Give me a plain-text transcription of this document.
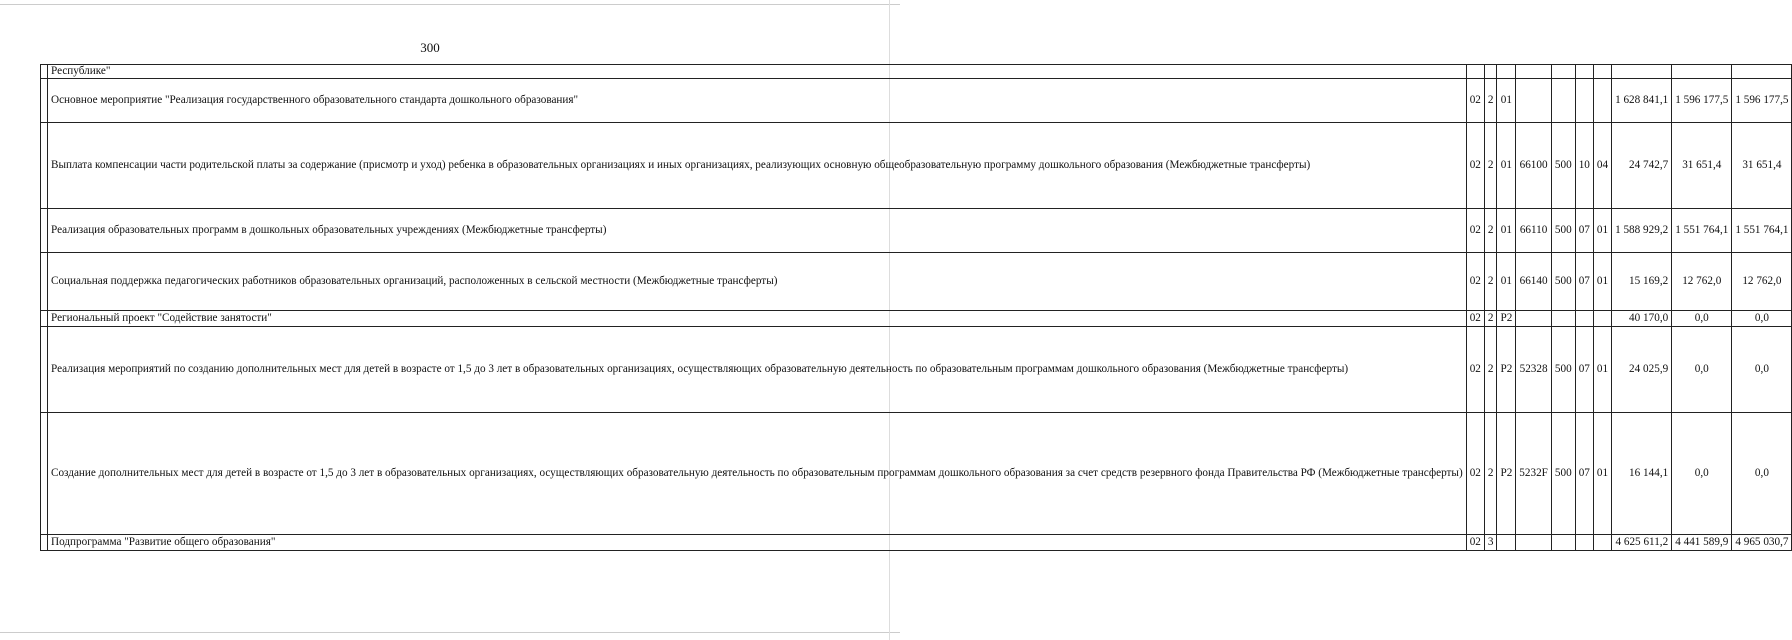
300
	Республике"										
	Основное мероприятие "Реализация государственного образовательного стандарта дошкольного образования"	02	2	01					1 628 841,1	1 596 177,5	1 596 177,5
	Выплата компенсации части родительской платы за содержание (присмотр и уход) ребенка в образовательных организациях и иных организациях, реализующих основную общеобразовательную программу дошкольного образования (Межбюджетные трансферты)	02	2	01	66100	500	10	04	24 742,7	31 651,4	31 651,4
	Реализация образовательных программ в дошкольных образовательных учреждениях (Межбюджетные трансферты)	02	2	01	66110	500	07	01	1 588 929,2	1 551 764,1	1 551 764,1
	Социальная поддержка педагогических работников образовательных организаций, расположенных в сельской местности (Межбюджетные трансферты)	02	2	01	66140	500	07	01	15 169,2	12 762,0	12 762,0
	Региональный проект "Содействие занятости"	02	2	P2					40 170,0	0,0	0,0
	Реализация мероприятий по созданию дополнительных мест для детей в возрасте от 1,5 до 3 лет в образовательных организациях, осуществляющих образовательную деятельность по образовательным программам дошкольного образования (Межбюджетные трансферты)	02	2	P2	52328	500	07	01	24 025,9	0,0	0,0
	Создание дополнительных мест для детей в возрасте от 1,5 до 3 лет в образовательных организациях, осуществляющих образовательную деятельность по образовательным программам дошкольного образования за счет средств резервного фонда Правительства РФ (Межбюджетные трансферты)	02	2	P2	5232F	500	07	01	16 144,1	0,0	0,0
	Подпрограмма "Развитие общего образования"	02	3						4 625 611,2	4 441 589,9	4 965 030,7
